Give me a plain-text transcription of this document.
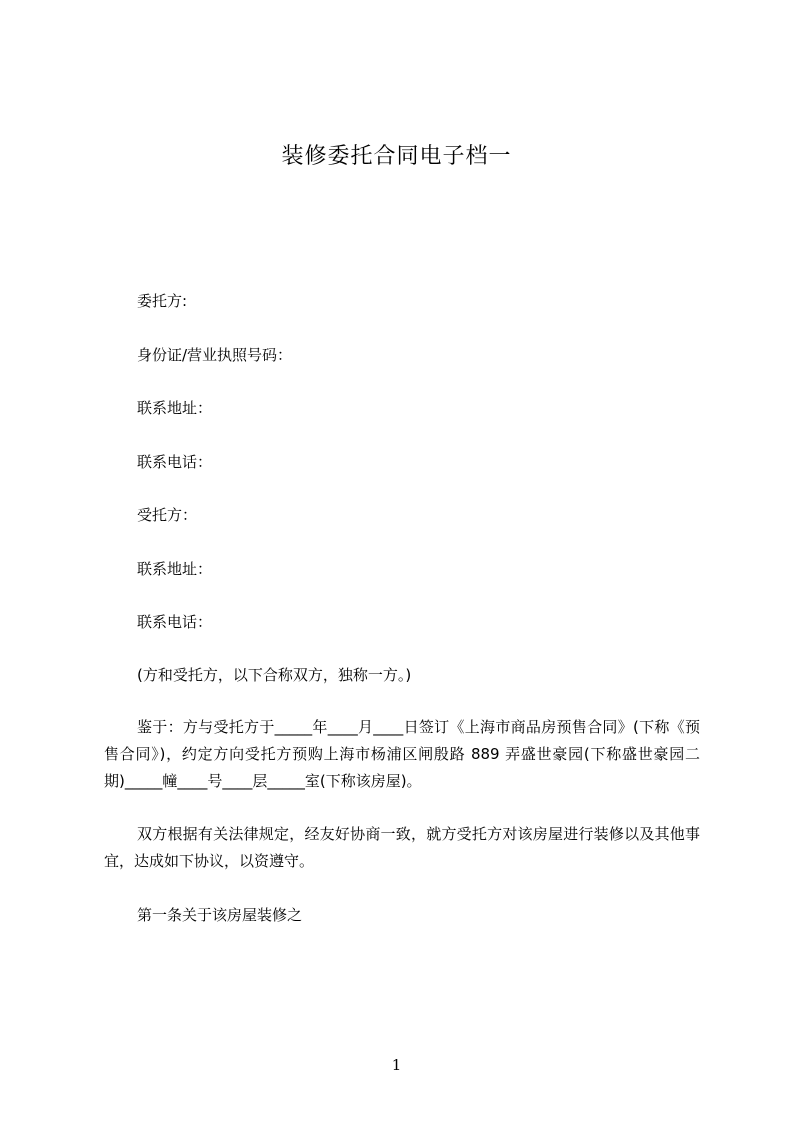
装修委托合同电子档一
委托方:
身份证/营业执照号码：
联系地址：
联系电话：
受托方：
联系地址：
联系电话：
(方和受托方，以下合称双方，独称一方。)
鉴于：方与受托方于_____年____月____日签订《上海市商品房预售合同》(下称《预售合同》)，约定方向受托方预购上海市杨浦区闸殷路 889 弄盛世豪园(下称盛世豪园二期)_____幢____号____层_____室(下称该房屋)。
双方根据有关法律规定，经友好协商一致，就方受托方对该房屋进行装修以及其他事宜，达成如下协议，以资遵守。
第一条关于该房屋装修之
1
